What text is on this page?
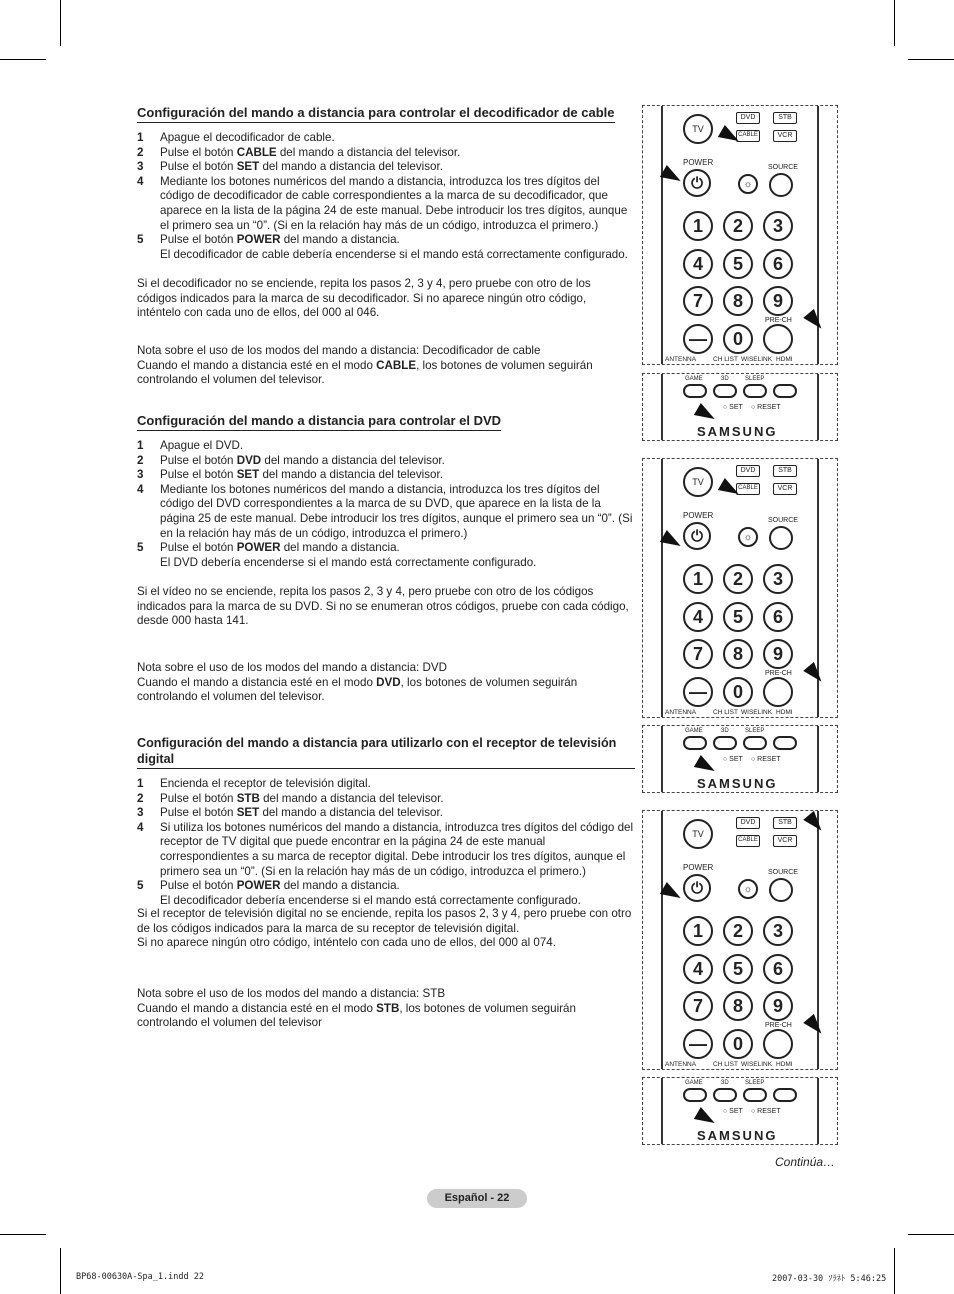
Configuración del mando a distancia para controlar el decodificador de cable
1 Apague el decodificador de cable.
2 Pulse el botón CABLE del mando a distancia del televisor.
3 Pulse el botón SET del mando a distancia del televisor.
4 Mediante los botones numéricos del mando a distancia, introduzca los tres dígitos del código de decodificador de cable correspondientes a la marca de su decodificador, que aparece en la lista de la página 24 de este manual. Debe introducir los tres dígitos, aunque el primero sea un “0”. (Si en la relación hay más de un código, introduzca el primero.)
5 Pulse el botón POWER del mando a distancia.
El decodificador de cable debería encenderse si el mando está correctamente configurado.

Si el decodificador no se enciende, repita los pasos 2, 3 y 4, pero pruebe con otro de los códigos indicados para la marca de su decodificador. Si no aparece ningún otro código, inténtelo con cada uno de ellos, del 000 al 046.

Nota sobre el uso de los modos del mando a distancia: Decodificador de cable
Cuando el mando a distancia esté en el modo CABLE, los botones de volumen seguirán controlando el volumen del televisor.

Configuración del mando a distancia para controlar el DVD
1 Apague el DVD.
2 Pulse el botón DVD del mando a distancia del televisor.
3 Pulse el botón SET del mando a distancia del televisor.
4 Mediante los botones numéricos del mando a distancia, introduzca los tres dígitos del código del DVD correspondientes a la marca de su DVD, que aparece en la lista de la página 25 de este manual. Debe introducir los tres dígitos, aunque el primero sea un “0”. (Si en la relación hay más de un código, introduzca el primero.)
5 Pulse el botón POWER del mando a distancia.
El DVD debería encenderse si el mando está correctamente configurado.

Si el vídeo no se enciende, repita los pasos 2, 3 y 4, pero pruebe con otro de los códigos indicados para la marca de su DVD. Si no se enumeran otros códigos, pruebe con cada código, desde 000 hasta 141.

Nota sobre el uso de los modos del mando a distancia: DVD
Cuando el mando a distancia esté en el modo DVD, los botones de volumen seguirán controlando el volumen del televisor.

Configuración del mando a distancia para utilizarlo con el receptor de televisión digital
1 Encienda el receptor de televisión digital.
2 Pulse el botón STB del mando a distancia del televisor.
3 Pulse el botón SET del mando a distancia del televisor.
4 Si utiliza los botones numéricos del mando a distancia, introduzca tres dígitos del código del receptor de TV digital que puede encontrar en la página 24 de este manual correspondientes a su marca de receptor digital. Debe introducir los tres dígitos, aunque el primero sea un “0”. (Si en la relación hay más de un código, introduzca el primero.)
5 Pulse el botón POWER del mando a distancia.
El decodificador debería encenderse si el mando está correctamente configurado.

Si el receptor de televisión digital no se enciende, repita los pasos 2, 3 y 4, pero pruebe con otro de los códigos indicados para la marca de su receptor de televisión digital.
Si no aparece ningún otro código, inténtelo con cada uno de ellos, del 000 al 074.

Nota sobre el uso de los modos del mando a distancia: STB
Cuando el mando a distancia esté en el modo STB, los botones de volumen seguirán controlando el volumen del televisor

TV
DVD	STB
CABLE	VCR
POWER
⏻
SOURCE
☼
1	2	3
4	5	6
7	8	9
—	0
PRE-CH
ANTENNA	CH LIST WISELINK HDMI
GAME	3D	SLEEP
○ SET ○ RESET
SAMSUNG
TV
DVD	STB
CABLE	VCR
POWER
⏻
SOURCE
☼
1	2	3
4	5	6
7	8	9
—	0
PRE-CH
ANTENNA	CH LIST WISELINK HDMI
GAME	3D	SLEEP
○ SET ○ RESET
SAMSUNG
TV
DVD	STB
CABLE	VCR
POWER
⏻
SOURCE
☼
1	2	3
4	5	6
7	8	9
—	0
PRE-CH
ANTENNA	CH LIST WISELINK HDMI
GAME	3D	SLEEP
○ SET ○ RESET
SAMSUNG
Continúa…
Español - 22
BP68-00630A-Spa_1.indd 22	2007-03-30 ｿﾗﾈﾄ 5:46:25
